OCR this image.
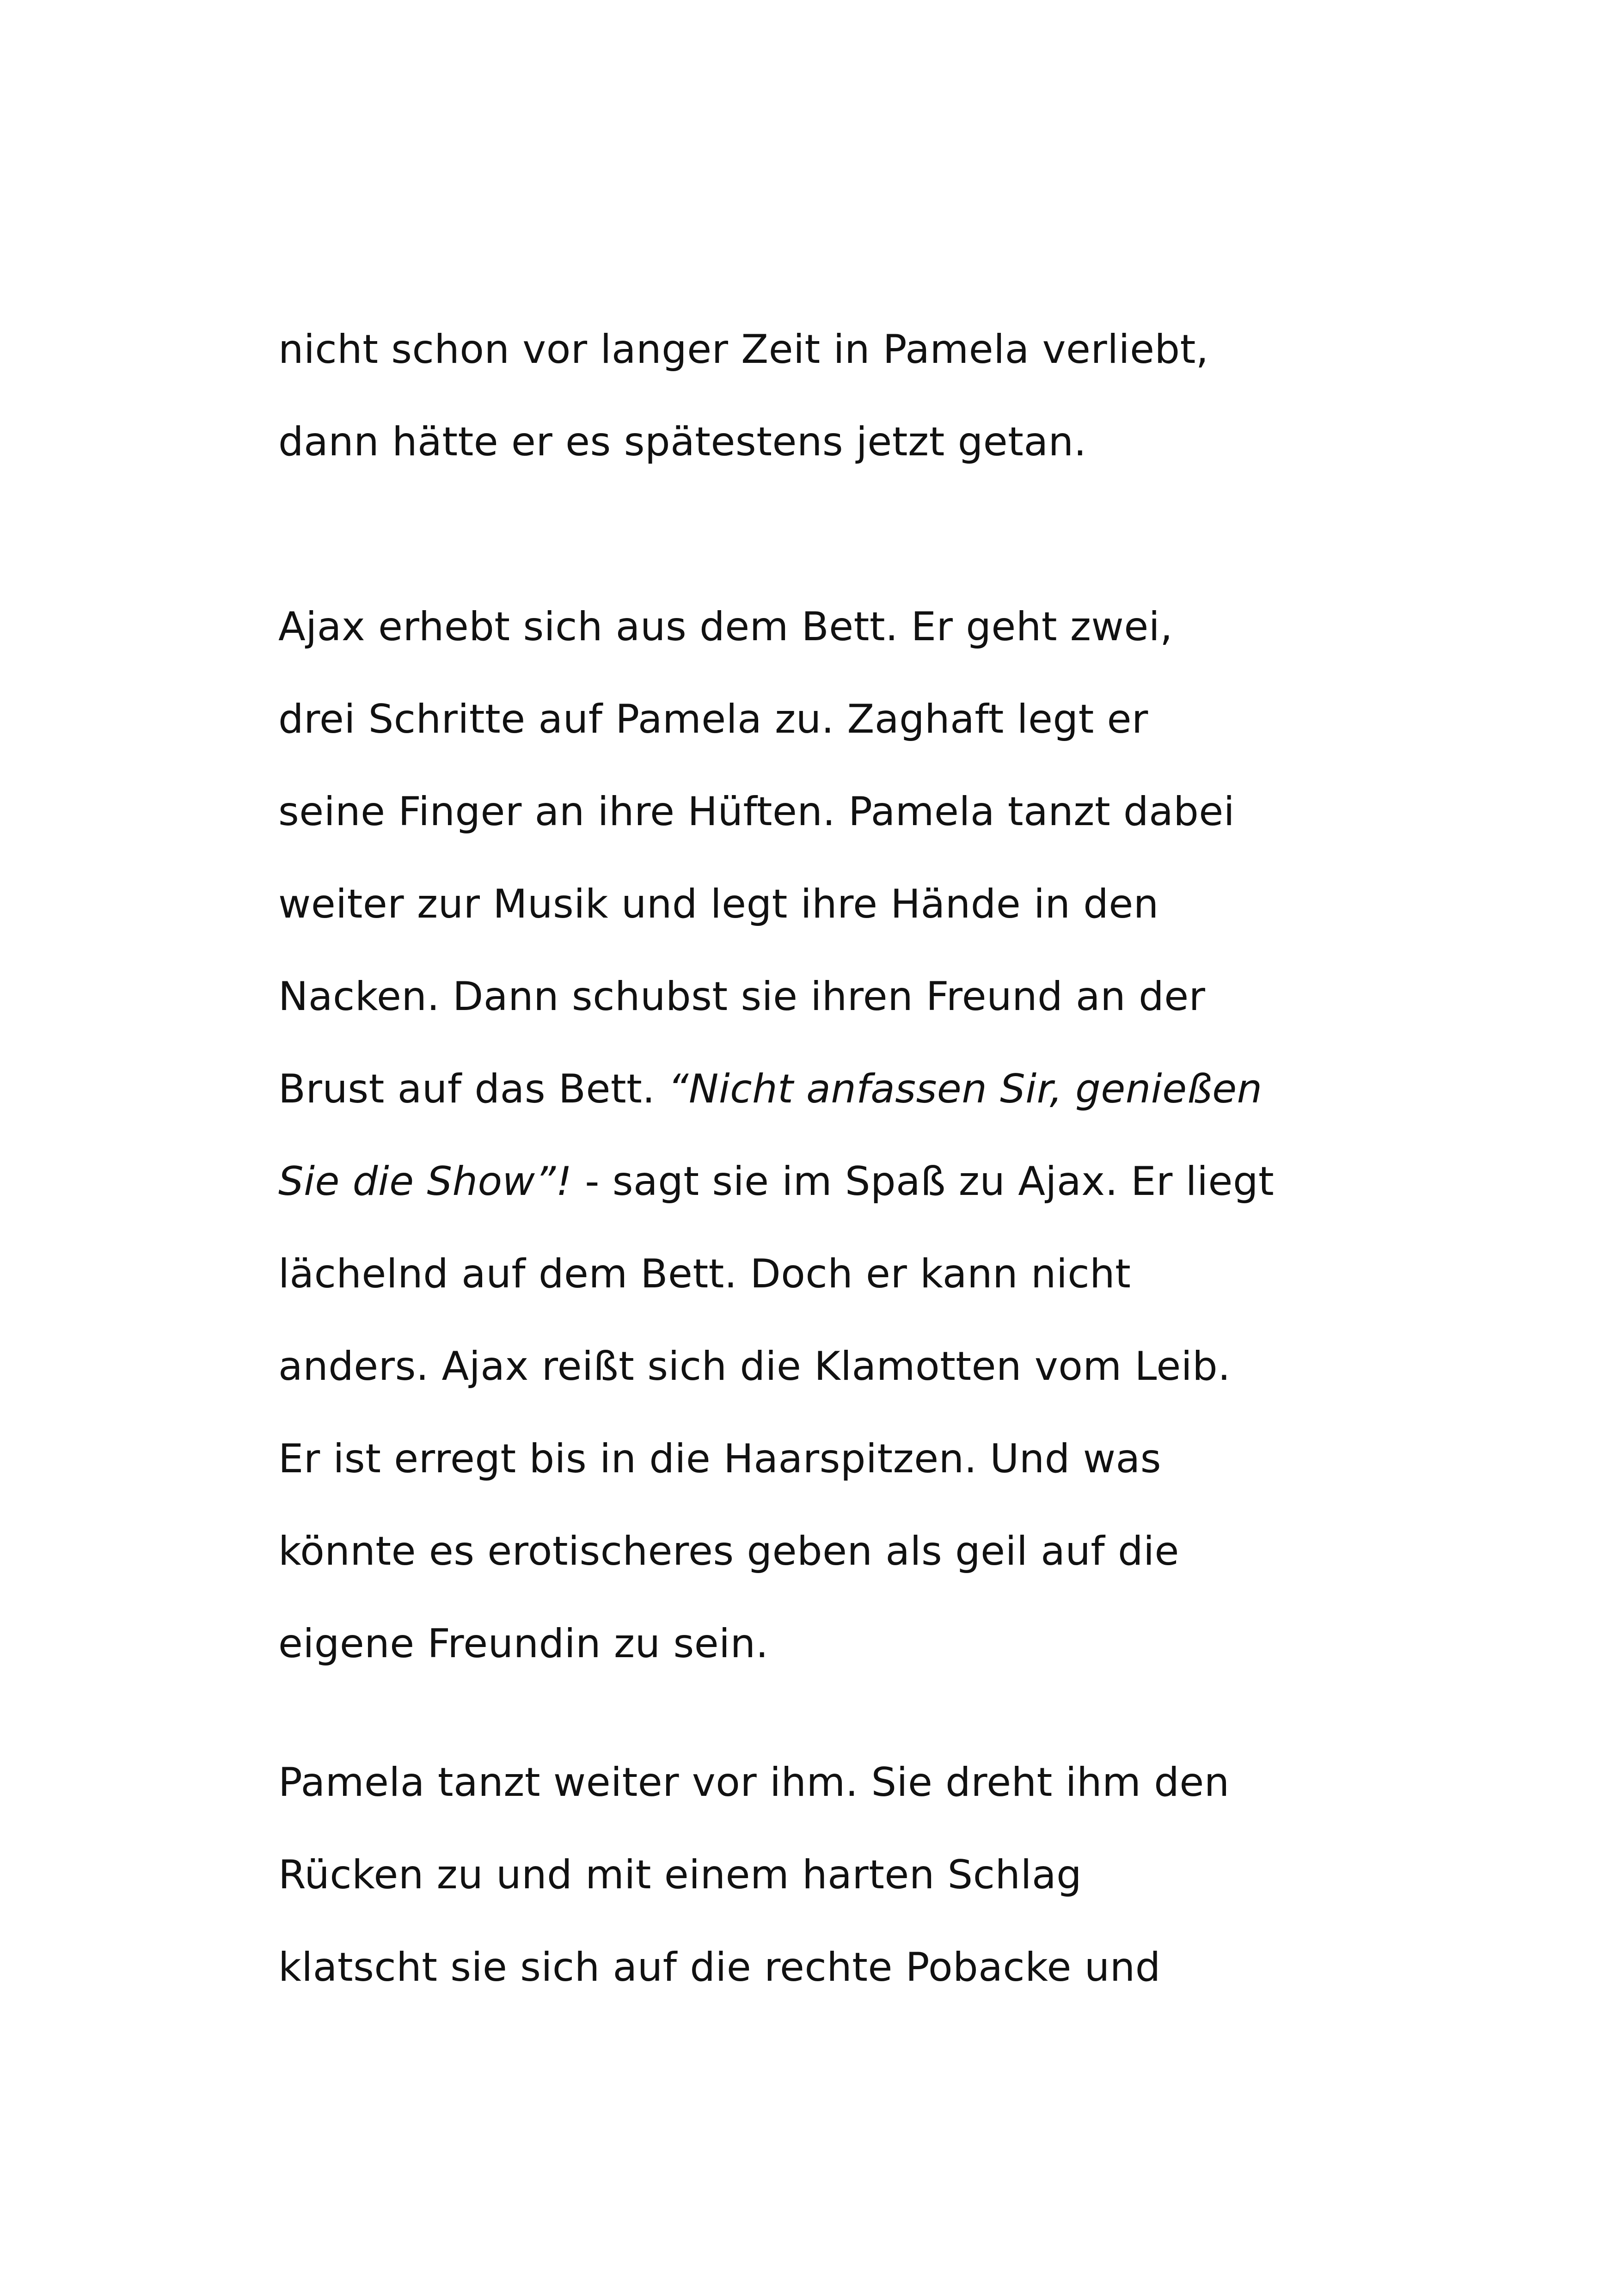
nicht schon vor langer Zeit in Pamela verliebt,
dann hätte er es spätestens jetzt getan.
Ajax erhebt sich aus dem Bett. Er geht zwei,
drei Schritte auf Pamela zu. Zaghaft legt er
seine Finger an ihre Hüften. Pamela tanzt dabei
weiter zur Musik und legt ihre Hände in den
Nacken. Dann schubst sie ihren Freund an der
Brust auf das Bett. “Nicht anfassen Sir, genießen
Sie die Show”! - sagt sie im Spaß zu Ajax. Er liegt
lächelnd auf dem Bett. Doch er kann nicht
anders. Ajax reißt sich die Klamotten vom Leib.
Er ist erregt bis in die Haarspitzen. Und was
könnte es erotischeres geben als geil auf die
eigene Freundin zu sein.
Pamela tanzt weiter vor ihm. Sie dreht ihm den
Rücken zu und mit einem harten Schlag
klatscht sie sich auf die rechte Pobacke und
